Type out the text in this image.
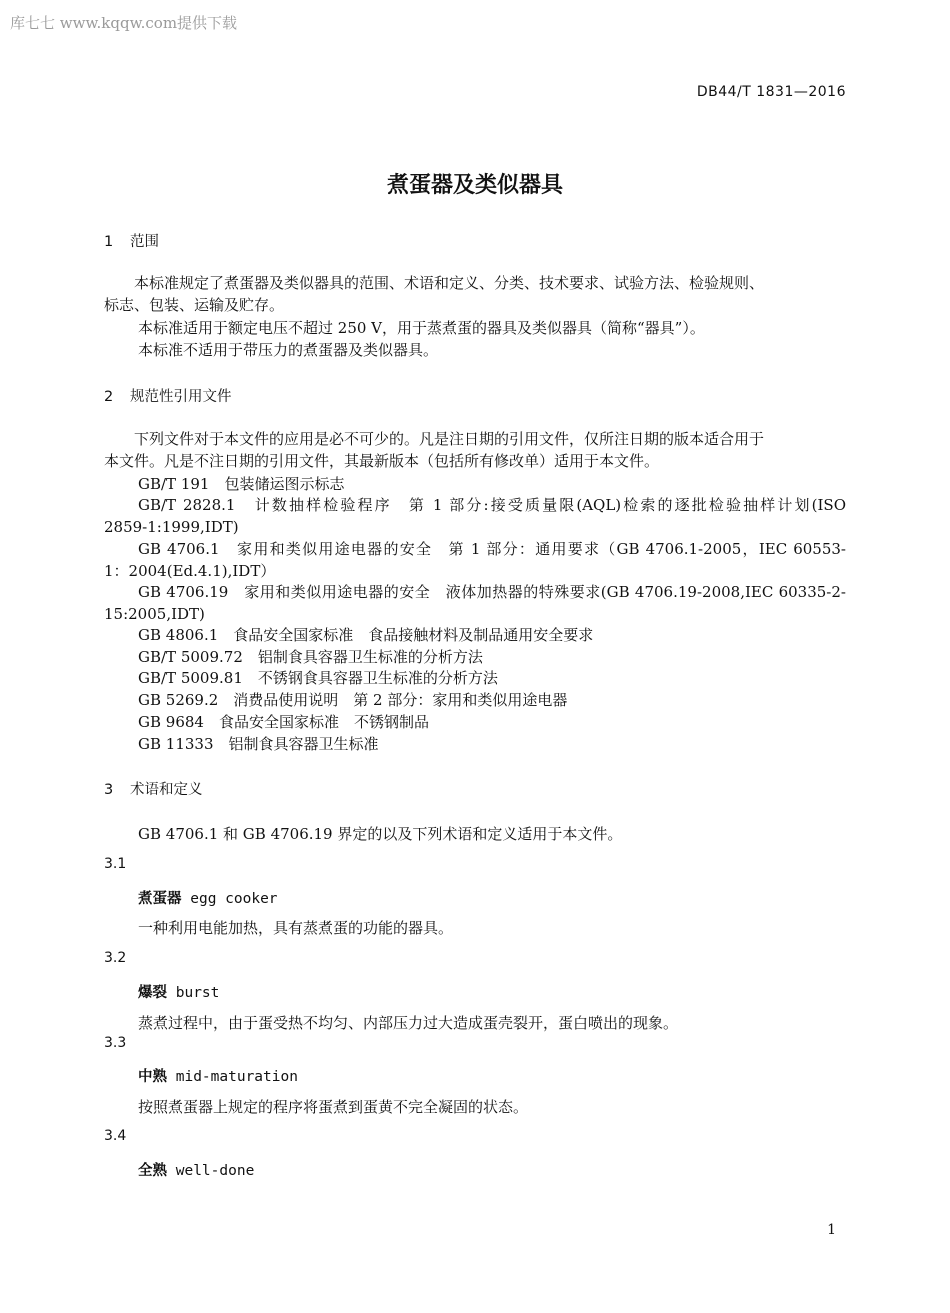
库七七 www.kqqw.com提供下载
DB44/T 1831—2016
煮蛋器及类似器具
1 范围
本标准规定了煮蛋器及类似器具的范围、术语和定义、分类、技术要求、试验方法、检验规则、
标志、包装、运输及贮存。
本标准适用于额定电压不超过 250 V，用于蒸煮蛋的器具及类似器具（简称“器具”）。
本标准不适用于带压力的煮蛋器及类似器具。
2 规范性引用文件
下列文件对于本文件的应用是必不可少的。凡是注日期的引用文件，仅所注日期的版本适合用于
本文件。凡是不注日期的引用文件，其最新版本（包括所有修改单）适用于本文件。
GB/T 191　包装储运图示标志
GB/T 2828.1　计数抽样检验程序　第 1 部分:接受质量限(AQL)检索的逐批检验抽样计划(ISO
2859-1:1999,IDT)
GB 4706.1　家用和类似用途电器的安全　第 1 部分：通用要求（GB 4706.1-2005，IEC 60553-
1：2004(Ed.4.1),IDT）
GB 4706.19　家用和类似用途电器的安全　液体加热器的特殊要求(GB 4706.19-2008,IEC 60335-2-
15:2005,IDT)
GB 4806.1　食品安全国家标准　食品接触材料及制品通用安全要求
GB/T 5009.72　铝制食具容器卫生标准的分析方法
GB/T 5009.81　不锈钢食具容器卫生标准的分析方法
GB 5269.2　消费品使用说明　第 2 部分：家用和类似用途电器
GB 9684　食品安全国家标准　不锈钢制品
GB 11333　铝制食具容器卫生标准
3 术语和定义
GB 4706.1 和 GB 4706.19 界定的以及下列术语和定义适用于本文件。
3.1
煮蛋器 egg cooker
一种利用电能加热，具有蒸煮蛋的功能的器具。
3.2
爆裂 burst
蒸煮过程中，由于蛋受热不均匀、内部压力过大造成蛋壳裂开，蛋白喷出的现象。
3.3
中熟 mid-maturation
按照煮蛋器上规定的程序将蛋煮到蛋黄不完全凝固的状态。
3.4
全熟 well-done
1
